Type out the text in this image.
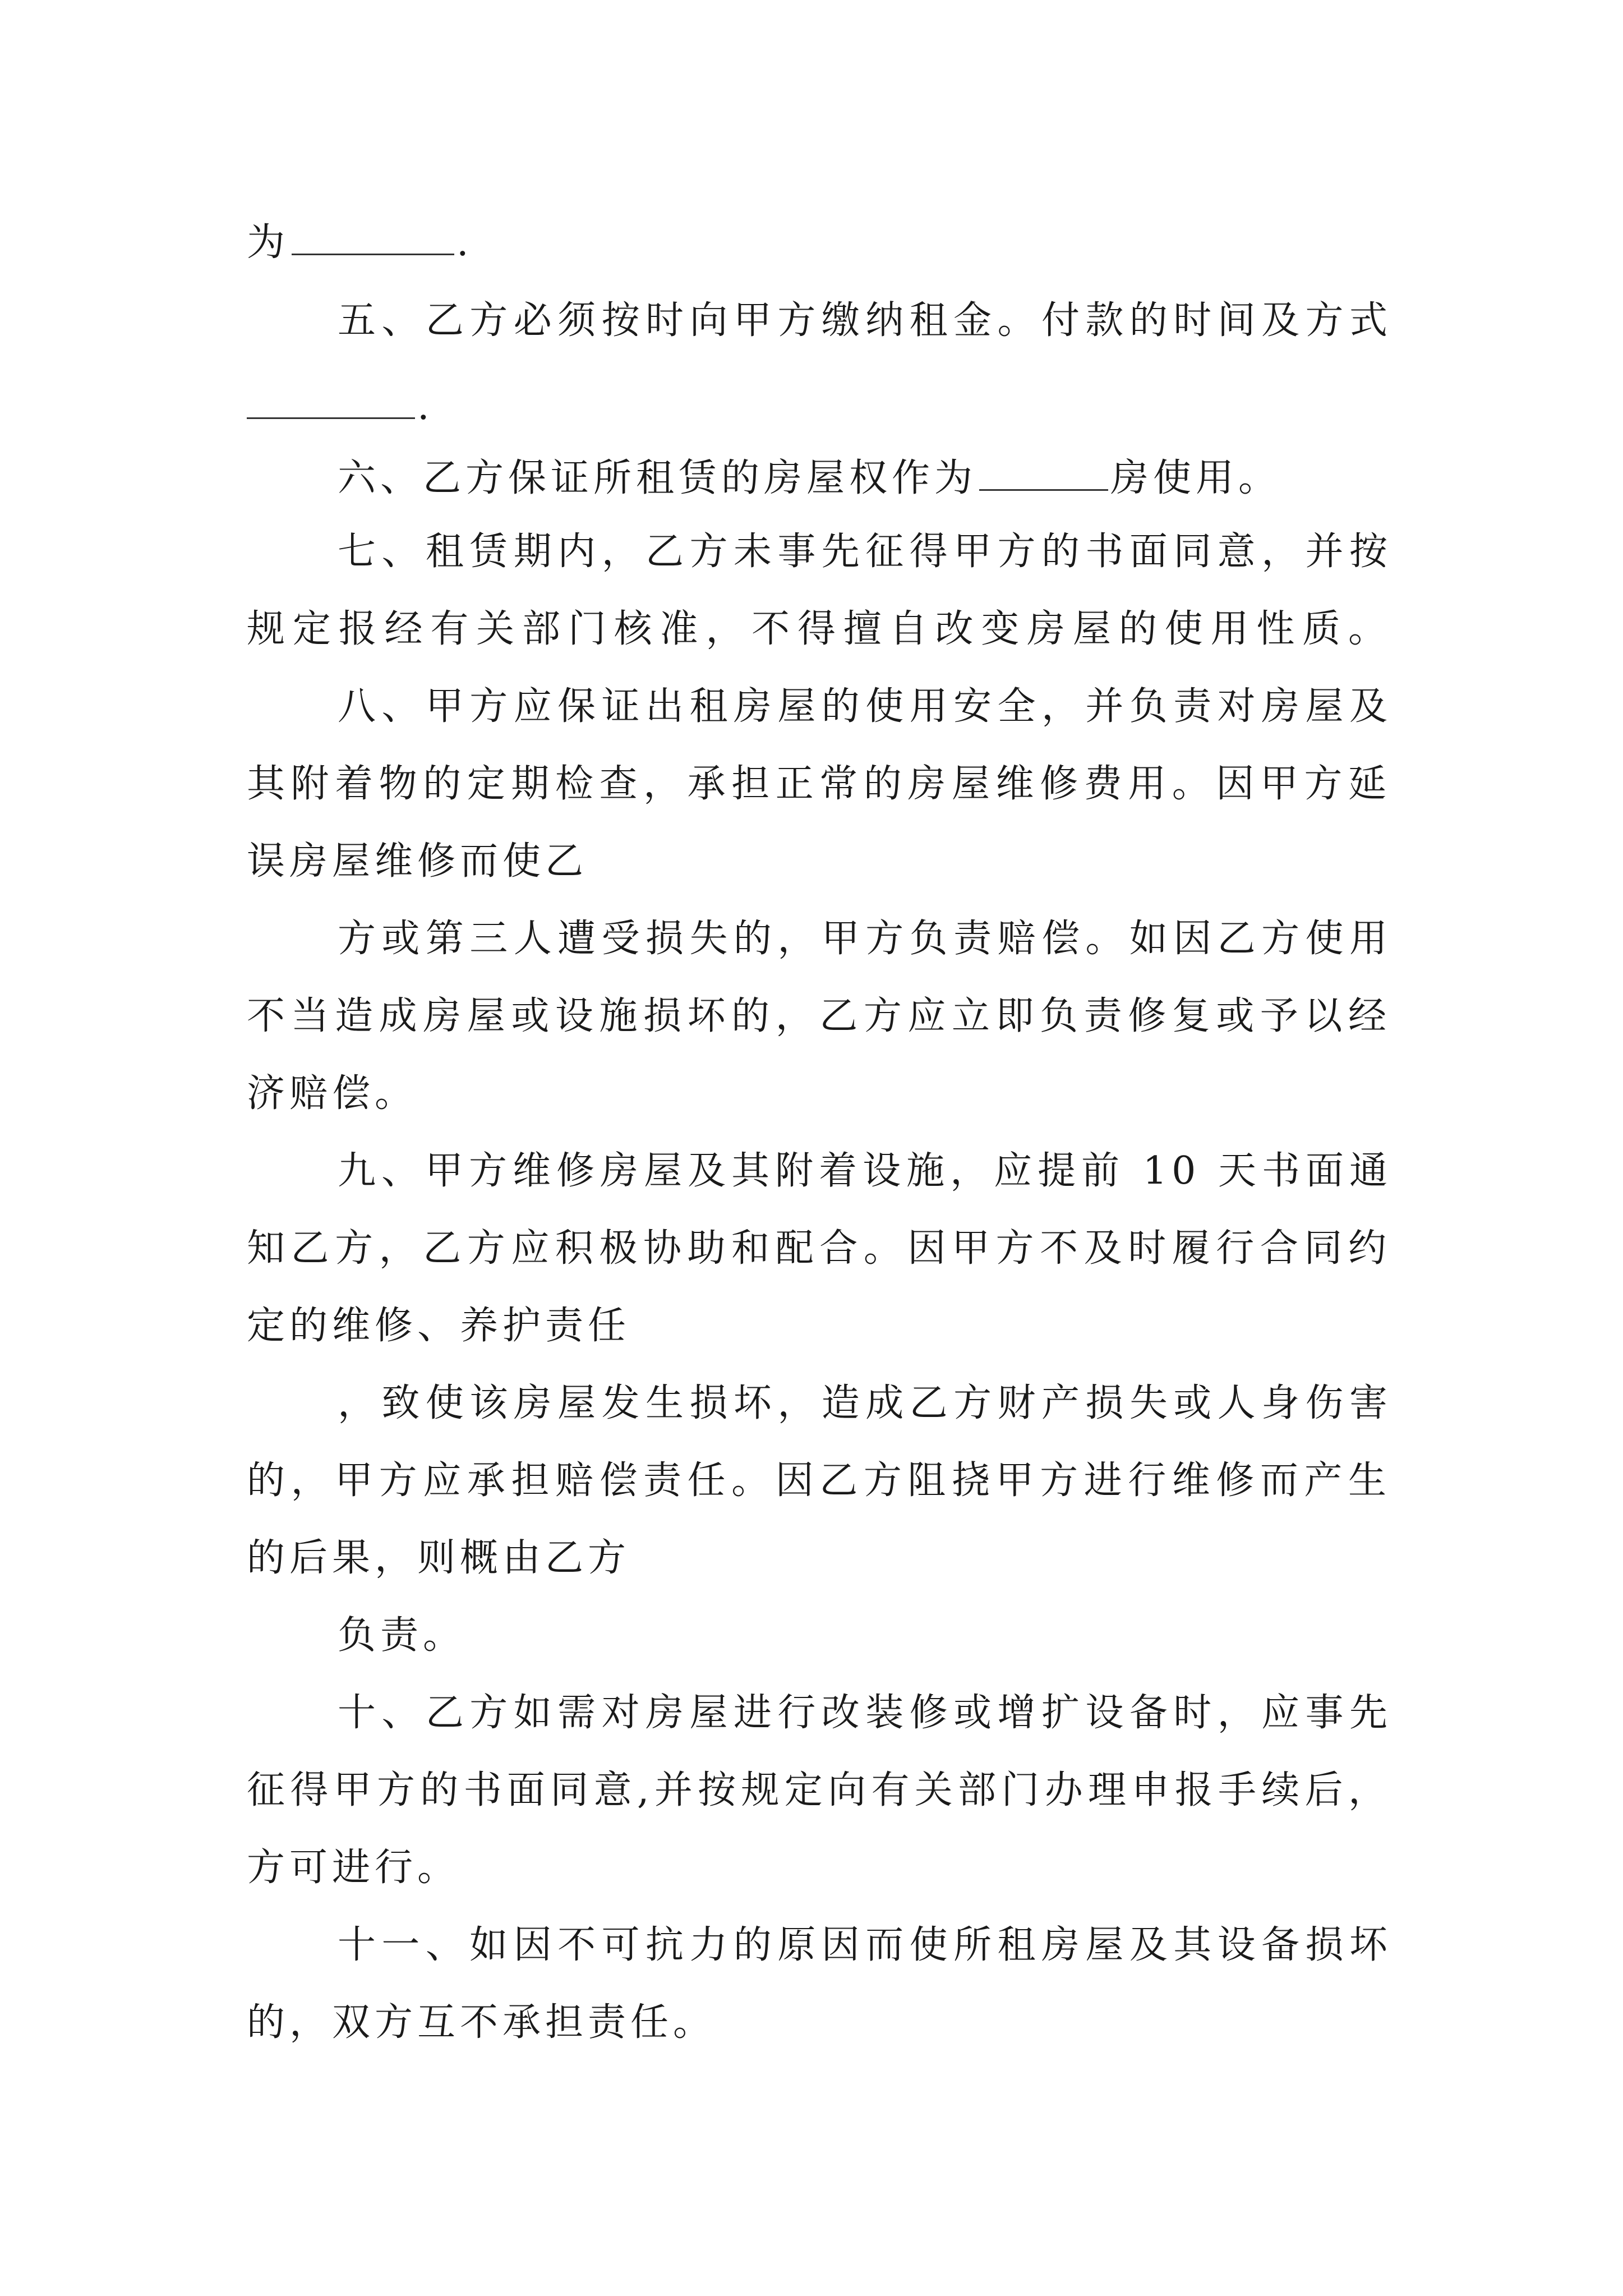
为	.
五、乙方必须按时向甲方缴纳租金。付款的时间及方式
.
六、乙方保证所租赁的房屋权作为	房使用。
七、租赁期内，乙方未事先征得甲方的书面同意，并按
规定报经有关部门核准，不得擅自改变房屋的使用性质。
八、甲方应保证出租房屋的使用安全，并负责对房屋及
其附着物的定期检查，承担正常的房屋维修费用。因甲方延
误房屋维修而使乙
方或第三人遭受损失的，甲方负责赔偿。如因乙方使用
不当造成房屋或设施损坏的，乙方应立即负责修复或予以经
济赔偿。
九、甲方维修房屋及其附着设施，应提前 10 天书面通
知乙方，乙方应积极协助和配合。因甲方不及时履行合同约
定的维修、养护责任
，致使该房屋发生损坏，造成乙方财产损失或人身伤害
的，甲方应承担赔偿责任。因乙方阻挠甲方进行维修而产生
的后果，则概由乙方
负责。
十、乙方如需对房屋进行改装修或增扩设备时，应事先
征得甲方的书面同意,并按规定向有关部门办理申报手续后，
方可进行。
十一、如因不可抗力的原因而使所租房屋及其设备损坏
的，双方互不承担责任。
